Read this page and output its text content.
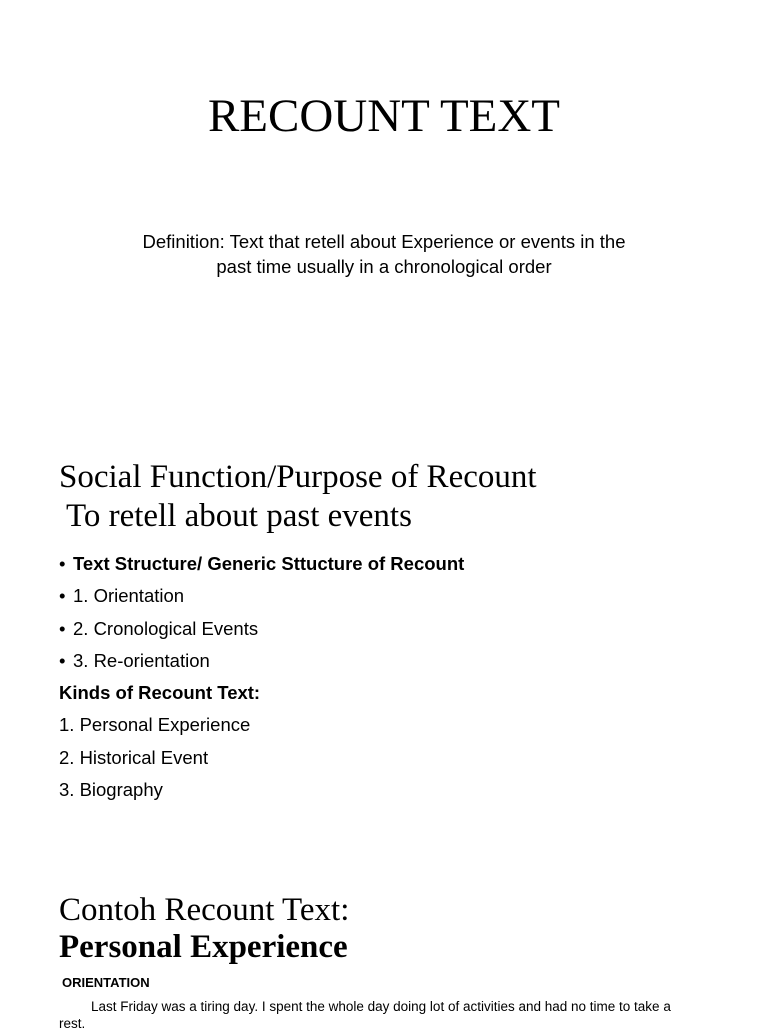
RECOUNT TEXT

Definition: Text that retell about Experience or events in the
past time usually in a chronological order

Social Function/Purpose of Recount
To retell about past events
• Text Structure/ Generic Sttucture of Recount
• 1. Orientation
• 2. Cronological Events
• 3. Re-orientation
Kinds of Recount Text:
1. Personal Experience
2. Historical Event
3. Biography
Contoh Recount Text:
Personal Experience

ORIENTATION

Last Friday was a tiring day. I spent the whole day doing lot of activities and had no time to take a rest.
